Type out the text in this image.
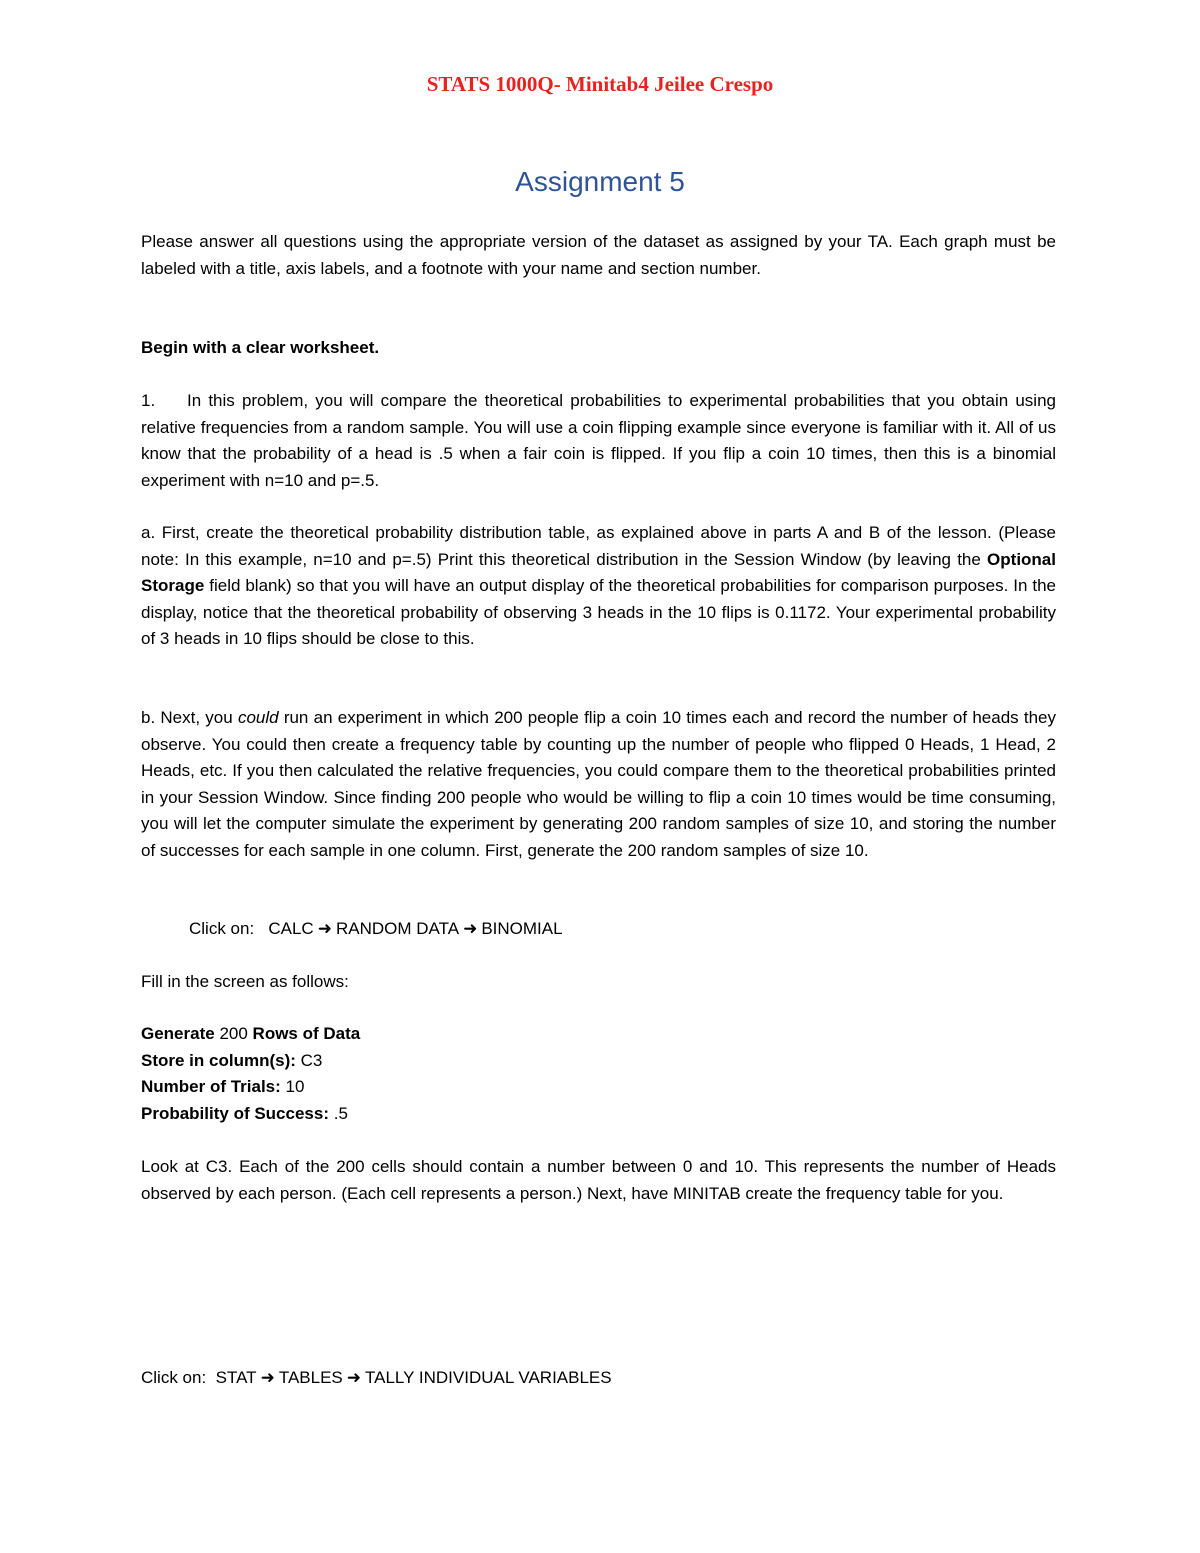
STATS 1000Q- Minitab4 Jeilee Crespo
Assignment 5
Please answer all questions using the appropriate version of the dataset as assigned by your TA. Each graph must be labeled with a title, axis labels, and a footnote with your name and section number.
Begin with a clear worksheet.
1. In this problem, you will compare the theoretical probabilities to experimental probabilities that you obtain using relative frequencies from a random sample. You will use a coin flipping example since everyone is familiar with it. All of us know that the probability of a head is .5 when a fair coin is flipped. If you flip a coin 10 times, then this is a binomial experiment with n=10 and p=.5.
a. First, create the theoretical probability distribution table, as explained above in parts A and B of the lesson. (Please note: In this example, n=10 and p=.5) Print this theoretical distribution in the Session Window (by leaving the Optional Storage field blank) so that you will have an output display of the theoretical probabilities for comparison purposes. In the display, notice that the theoretical probability of observing 3 heads in the 10 flips is 0.1172. Your experimental probability of 3 heads in 10 flips should be close to this.
b. Next, you could run an experiment in which 200 people flip a coin 10 times each and record the number of heads they observe. You could then create a frequency table by counting up the number of people who flipped 0 Heads, 1 Head, 2 Heads, etc. If you then calculated the relative frequencies, you could compare them to the theoretical probabilities printed in your Session Window. Since finding 200 people who would be willing to flip a coin 10 times would be time consuming, you will let the computer simulate the experiment by generating 200 random samples of size 10, and storing the number of successes for each sample in one column. First, generate the 200 random samples of size 10.
Click on: CALC ➜ RANDOM DATA ➜ BINOMIAL
Fill in the screen as follows:
Generate 200 Rows of Data
Store in column(s): C3
Number of Trials: 10
Probability of Success: .5
Look at C3. Each of the 200 cells should contain a number between 0 and 10. This represents the number of Heads observed by each person. (Each cell represents a person.) Next, have MINITAB create the frequency table for you.
Click on: STAT ➜ TABLES ➜ TALLY INDIVIDUAL VARIABLES
